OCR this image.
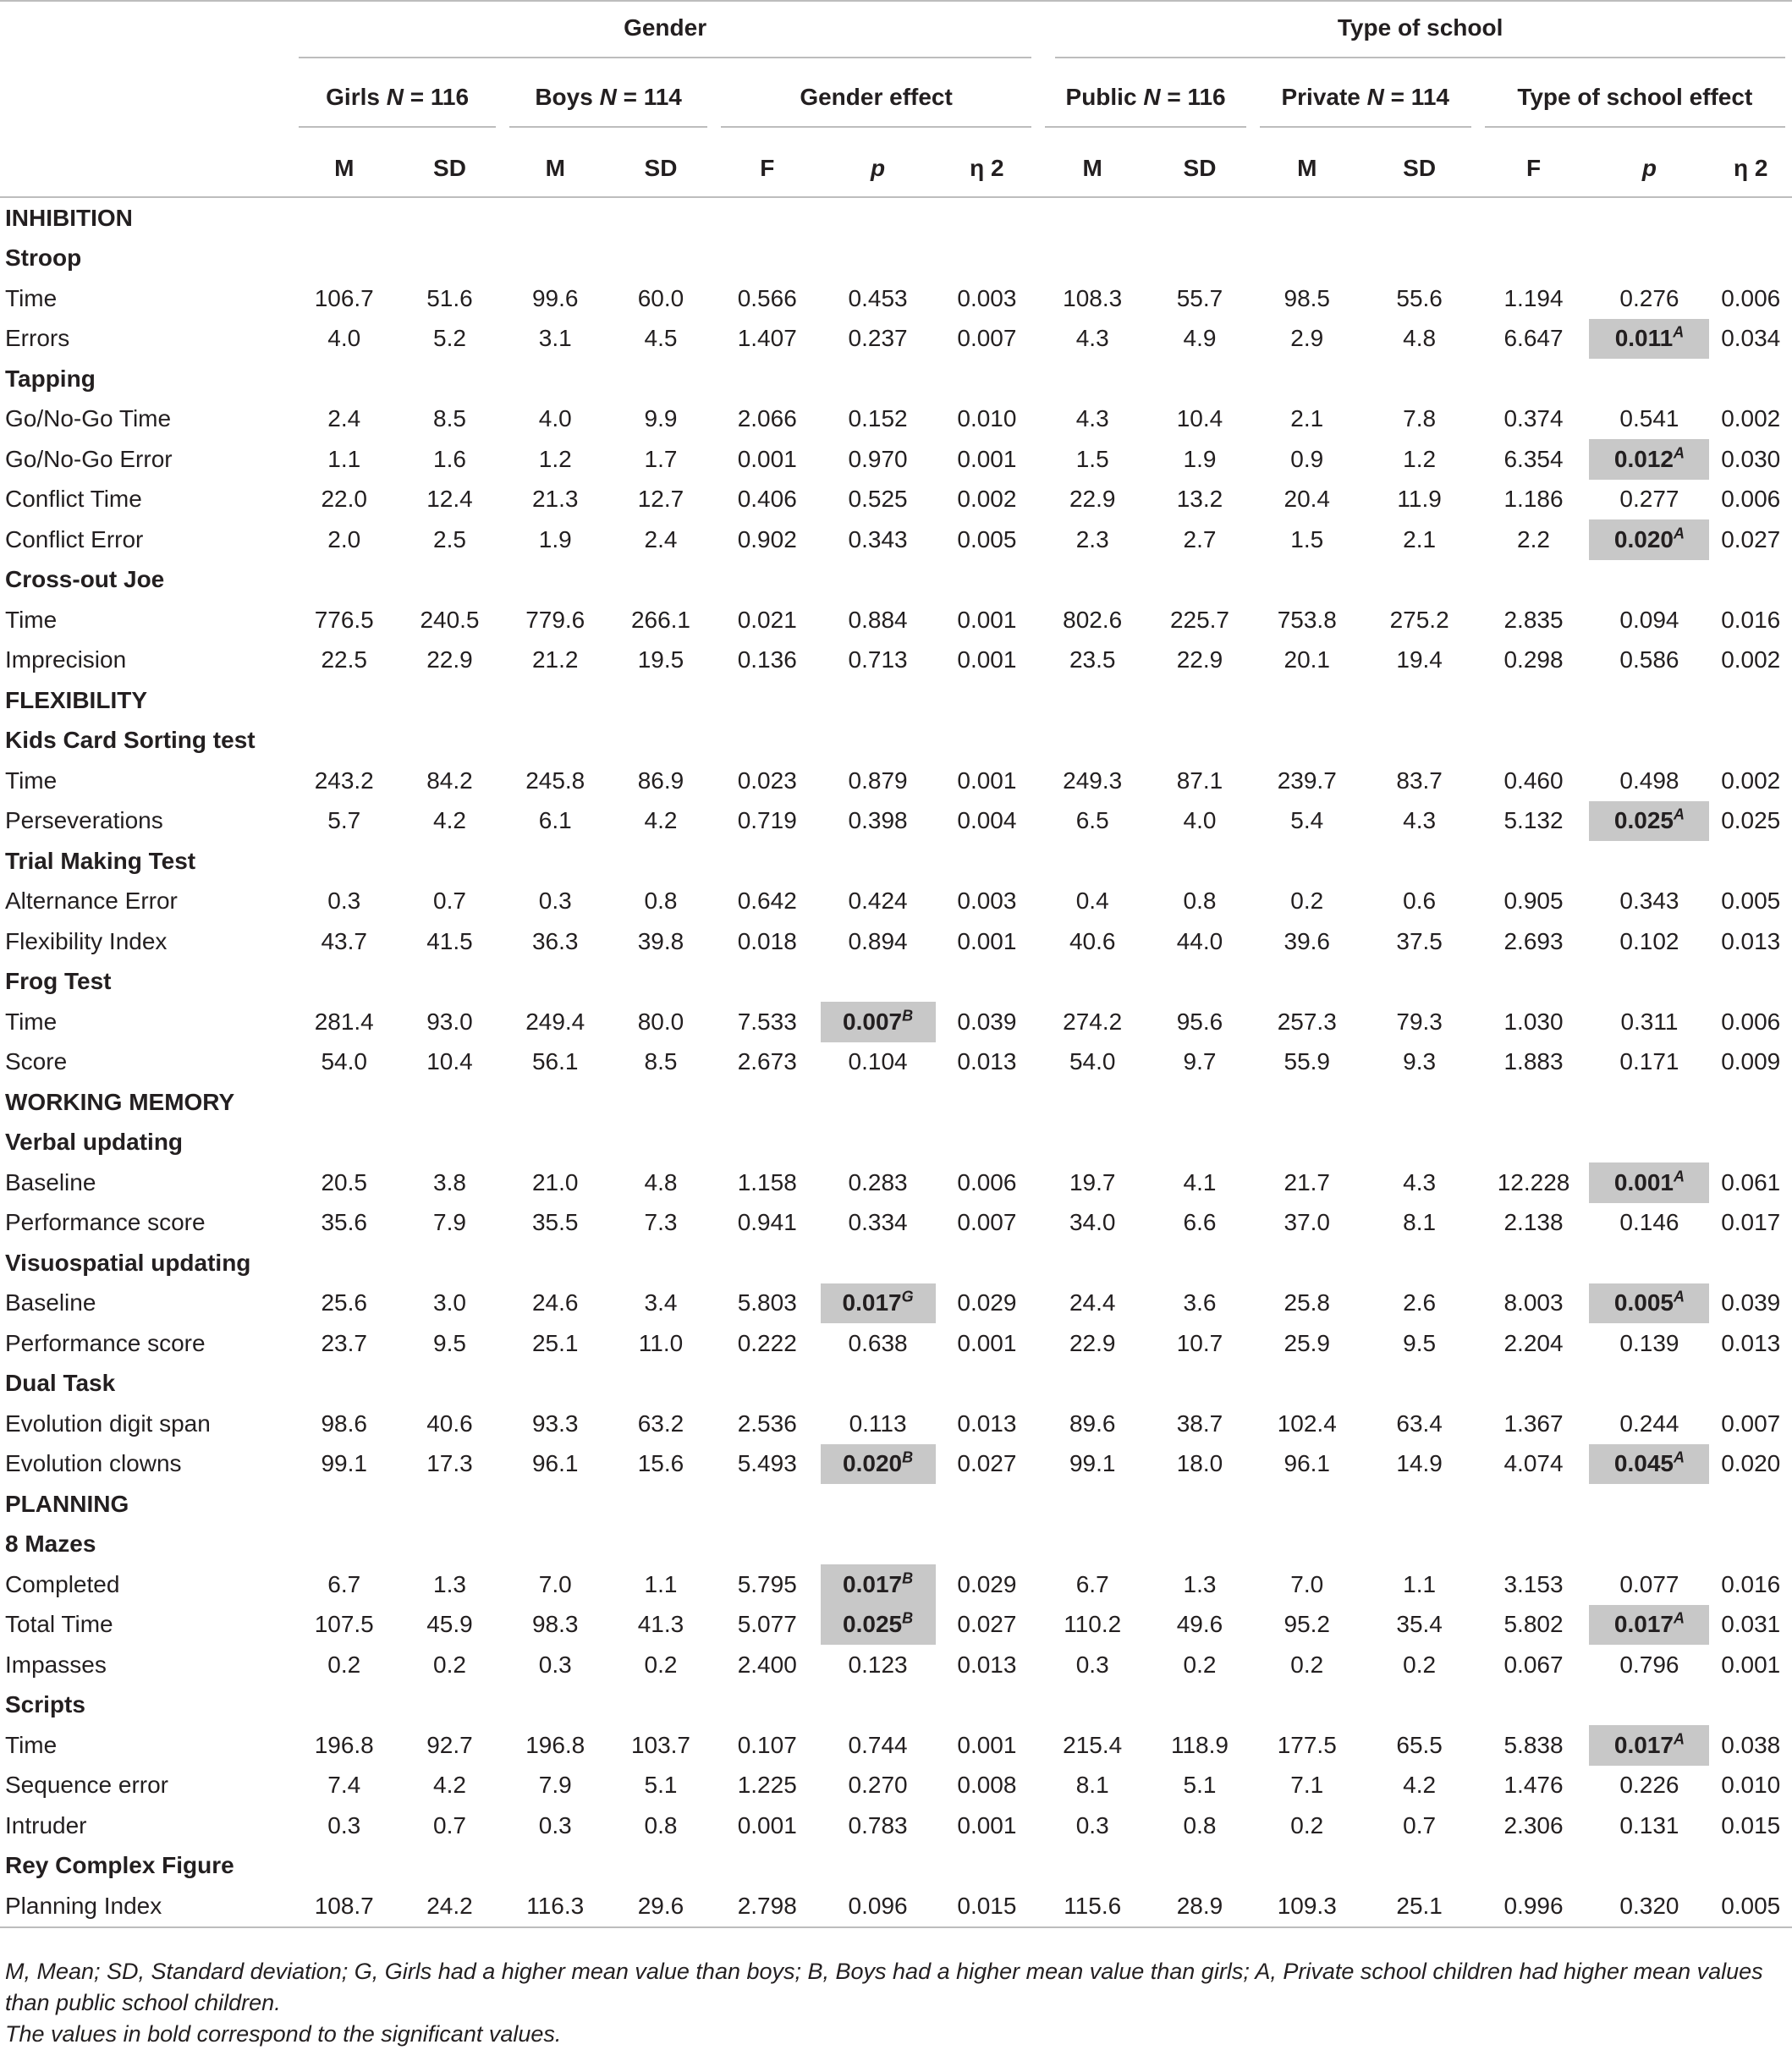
	Gender							Type of school						

	Girls N = 116		Boys N = 114		Gender effect			Public N = 116		Private N = 114		Type of school effect		

	M	SD	M	SD	F	p	η 2	M	SD	M	SD	F	p	η 2
INHIBITION														
Stroop														
Time	106.7	51.6	99.6	60.0	0.566	0.453	0.003	108.3	55.7	98.5	55.6	1.194	0.276	0.006
Errors	4.0	5.2	3.1	4.5	1.407	0.237	0.007	4.3	4.9	2.9	4.8	6.647	$0.011^A$	0.034
Tapping														
Go/No-Go Time	2.4	8.5	4.0	9.9	2.066	0.152	0.010	4.3	10.4	2.1	7.8	0.374	0.541	0.002
Go/No-Go Error	1.1	1.6	1.2	1.7	0.001	0.970	0.001	1.5	1.9	0.9	1.2	6.354	$0.012^A$	0.030
Conflict Time	22.0	12.4	21.3	12.7	0.406	0.525	0.002	22.9	13.2	20.4	11.9	1.186	0.277	0.006
Conflict Error	2.0	2.5	1.9	2.4	0.902	0.343	0.005	2.3	2.7	1.5	2.1	2.2	$0.020^A$	0.027
Cross-out Joe														
Time	776.5	240.5	779.6	266.1	0.021	0.884	0.001	802.6	225.7	753.8	275.2	2.835	0.094	0.016
Imprecision	22.5	22.9	21.2	19.5	0.136	0.713	0.001	23.5	22.9	20.1	19.4	0.298	0.586	0.002
FLEXIBILITY														
Kids Card Sorting test														
Time	243.2	84.2	245.8	86.9	0.023	0.879	0.001	249.3	87.1	239.7	83.7	0.460	0.498	0.002
Perseverations	5.7	4.2	6.1	4.2	0.719	0.398	0.004	6.5	4.0	5.4	4.3	5.132	$0.025^A$	0.025
Trial Making Test														
Alternance Error	0.3	0.7	0.3	0.8	0.642	0.424	0.003	0.4	0.8	0.2	0.6	0.905	0.343	0.005
Flexibility Index	43.7	41.5	36.3	39.8	0.018	0.894	0.001	40.6	44.0	39.6	37.5	2.693	0.102	0.013
Frog Test														
Time	281.4	93.0	249.4	80.0	7.533	$0.007^B$	0.039	274.2	95.6	257.3	79.3	1.030	0.311	0.006
Score	54.0	10.4	56.1	8.5	2.673	0.104	0.013	54.0	9.7	55.9	9.3	1.883	0.171	0.009
WORKING MEMORY														
Verbal updating														
Baseline	20.5	3.8	21.0	4.8	1.158	0.283	0.006	19.7	4.1	21.7	4.3	12.228	$0.001^A$	0.061
Performance score	35.6	7.9	35.5	7.3	0.941	0.334	0.007	34.0	6.6	37.0	8.1	2.138	0.146	0.017
Visuospatial updating														
Baseline	25.6	3.0	24.6	3.4	5.803	$0.017^G$	0.029	24.4	3.6	25.8	2.6	8.003	$0.005^A$	0.039
Performance score	23.7	9.5	25.1	11.0	0.222	0.638	0.001	22.9	10.7	25.9	9.5	2.204	0.139	0.013
Dual Task														
Evolution digit span	98.6	40.6	93.3	63.2	2.536	0.113	0.013	89.6	38.7	102.4	63.4	1.367	0.244	0.007
Evolution clowns	99.1	17.3	96.1	15.6	5.493	$0.020^B$	0.027	99.1	18.0	96.1	14.9	4.074	$0.045^A$	0.020
PLANNING														
8 Mazes														
Completed	6.7	1.3	7.0	1.1	5.795	$0.017^B$	0.029	6.7	1.3	7.0	1.1	3.153	0.077	0.016
Total Time	107.5	45.9	98.3	41.3	5.077	$0.025^B$	0.027	110.2	49.6	95.2	35.4	5.802	$0.017^A$	0.031
Impasses	0.2	0.2	0.3	0.2	2.400	0.123	0.013	0.3	0.2	0.2	0.2	0.067	0.796	0.001
Scripts														
Time	196.8	92.7	196.8	103.7	0.107	0.744	0.001	215.4	118.9	177.5	65.5	5.838	$0.017^A$	0.038
Sequence error	7.4	4.2	7.9	5.1	1.225	0.270	0.008	8.1	5.1	7.1	4.2	1.476	0.226	0.010
Intruder	0.3	0.7	0.3	0.8	0.001	0.783	0.001	0.3	0.8	0.2	0.7	2.306	0.131	0.015
Rey Complex Figure														
Planning Index	108.7	24.2	116.3	29.6	2.798	0.096	0.015	115.6	28.9	109.3	25.1	0.996	0.320	0.005
M, Mean; SD, Standard deviation; G, Girls had a higher mean value than boys; B, Boys had a higher mean value than girls; A, Private school children had higher mean values than public school children.
The values in bold correspond to the significant values.
